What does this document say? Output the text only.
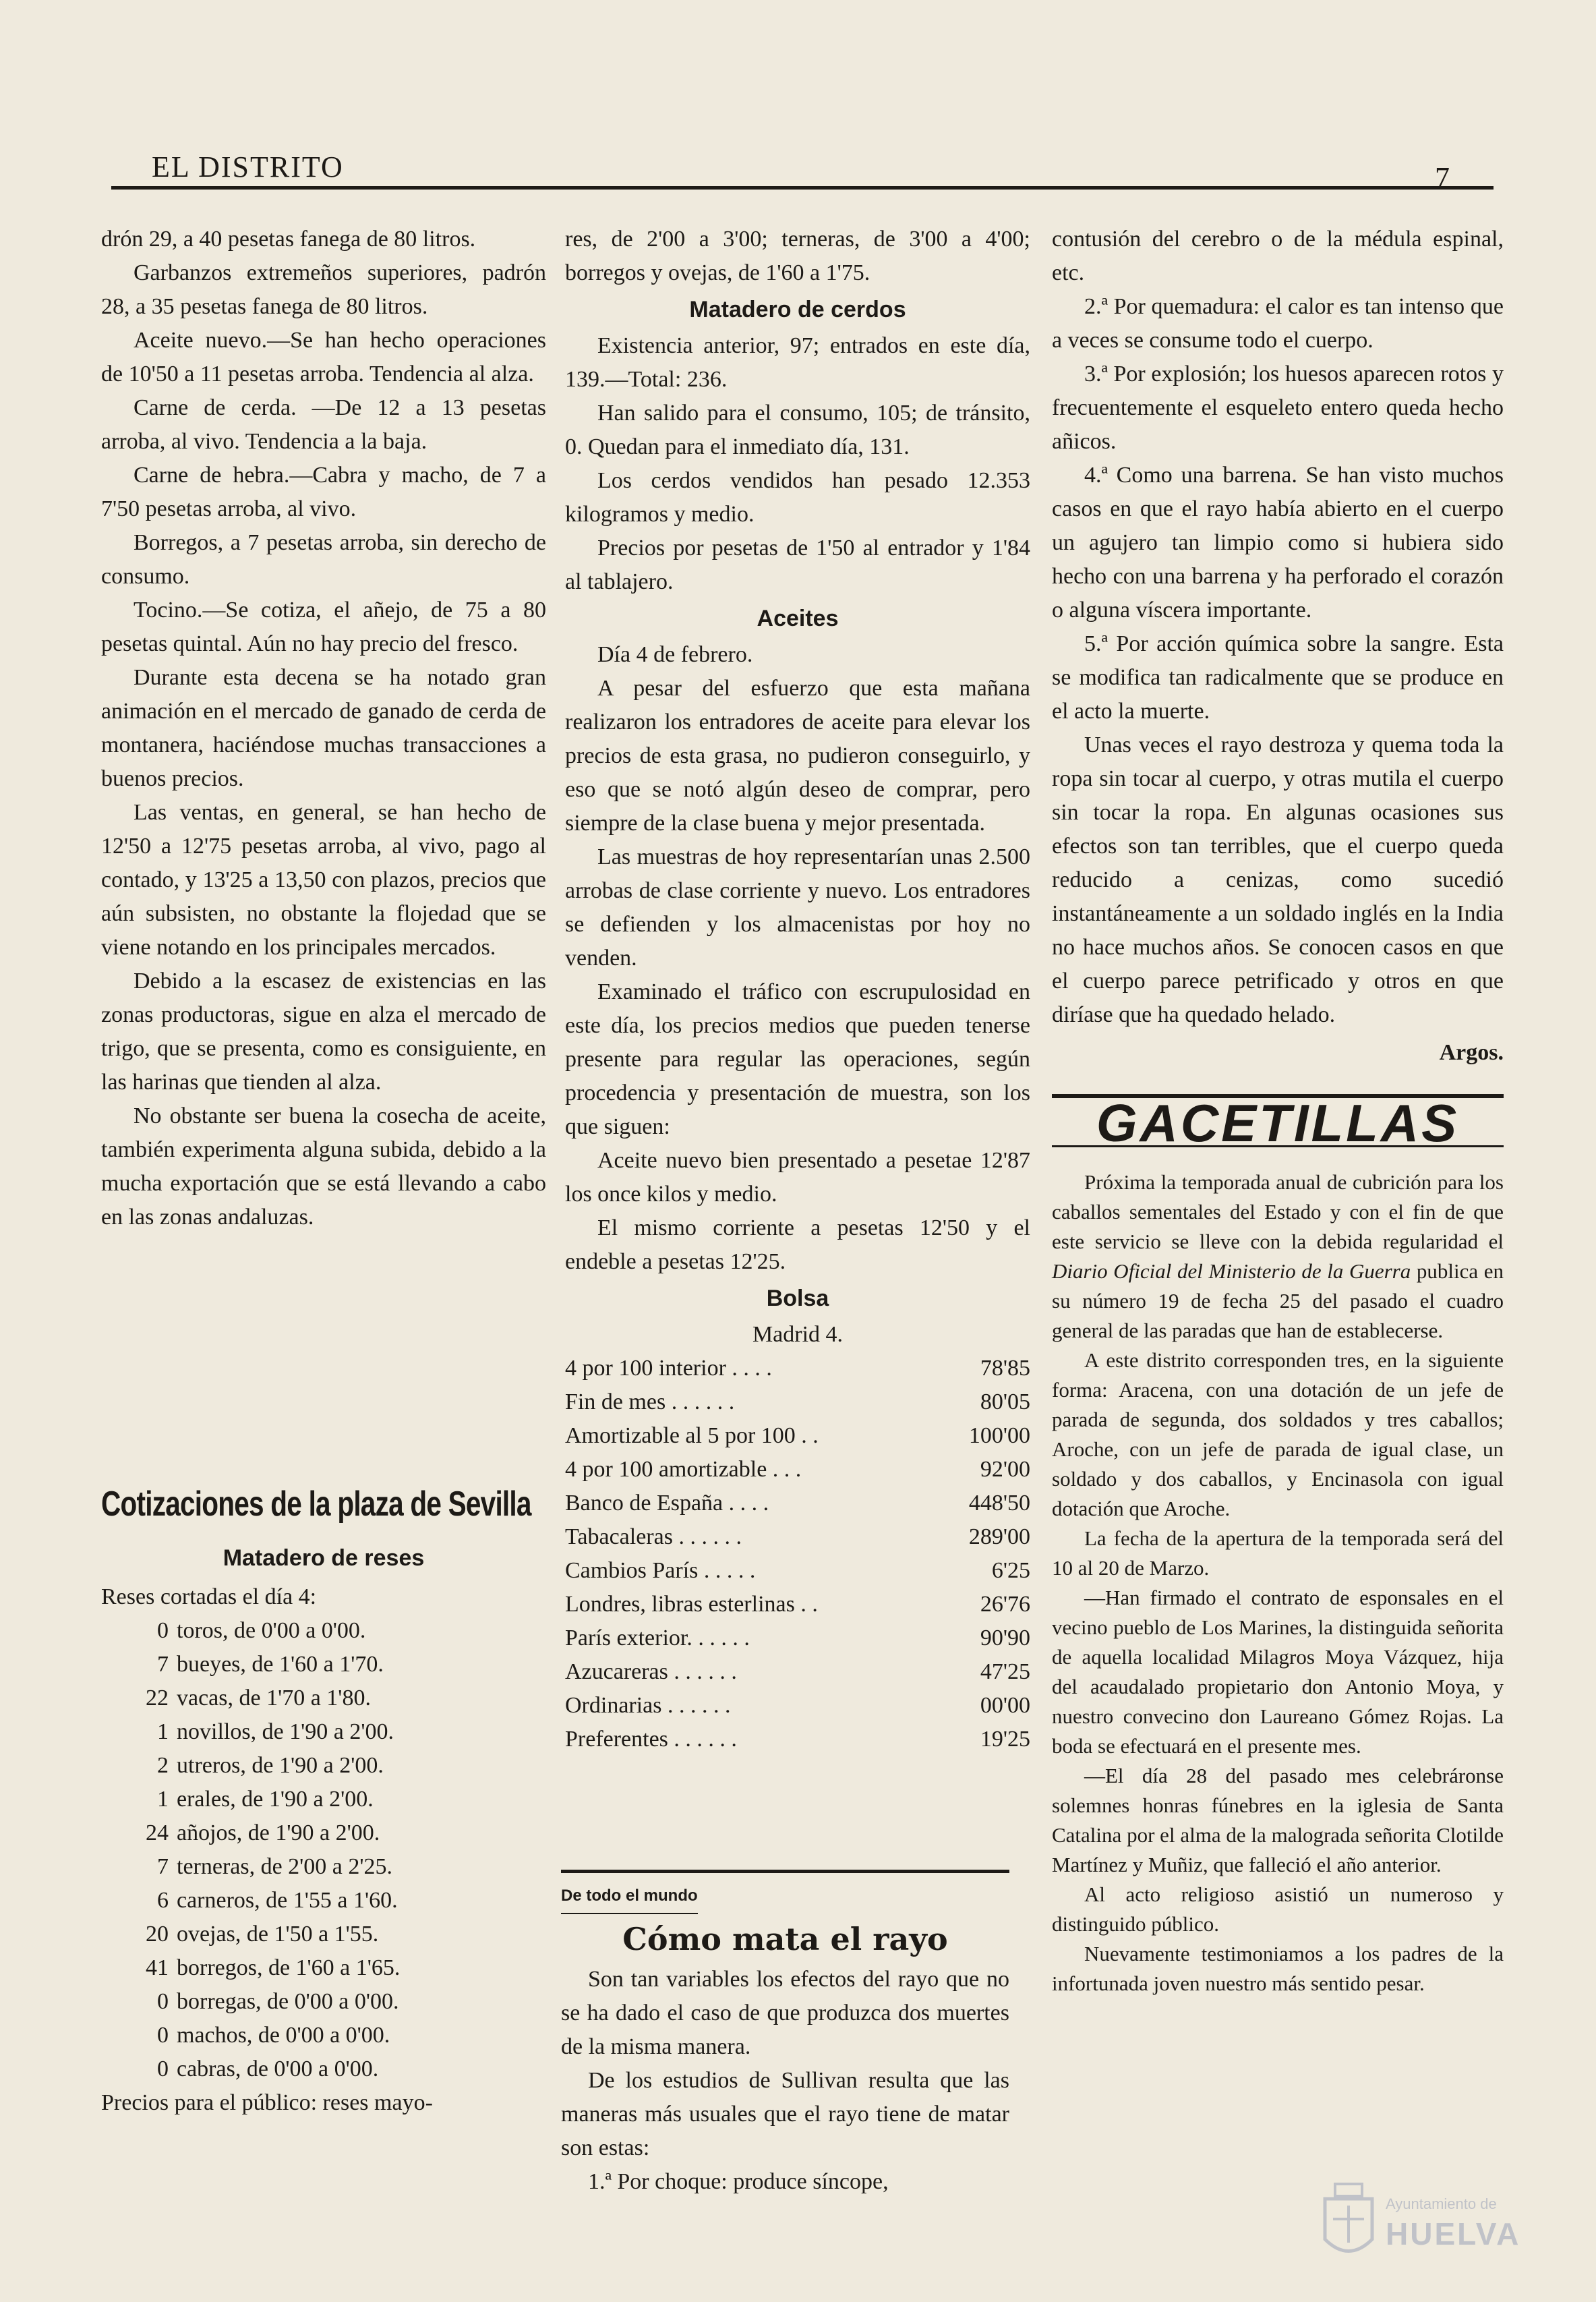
EL DISTRITO	7

drón 29, a 40 pesetas fanega de 80 litros.

Garbanzos extremeños superiores, padrón 28, a 35 pesetas fanega de 80 litros.

Aceite nuevo.—Se han hecho operaciones de 10'50 a 11 pesetas arroba. Tendencia al alza.

Carne de cerda. —De 12 a 13 pesetas arroba, al vivo. Tendencia a la baja.

Carne de hebra.—Cabra y macho, de 7 a 7'50 pesetas arroba, al vivo.

Borregos, a 7 pesetas arroba, sin derecho de consumo.

Tocino.—Se cotiza, el añejo, de 75 a 80 pesetas quintal. Aún no hay precio del fresco.

Durante esta decena se ha notado gran animación en el mercado de ganado de cerda de montanera, haciéndose muchas transacciones a buenos precios.

Las ventas, en general, se han hecho de 12'50 a 12'75 pesetas arroba, al vivo, pago al contado, y 13'25 a 13,50 con plazos, precios que aún subsisten, no obstante la flojedad que se viene notando en los principales mercados.

Debido a la escasez de existencias en las zonas productoras, sigue en alza el mercado de trigo, que se presenta, como es consiguiente, en las harinas que tienden al alza.

No obstante ser buena la cosecha de aceite, también experimenta alguna subida, debido a la mucha exportación que se está llevando a cabo en las zonas andaluzas.

Cotizaciones de la plaza de Sevilla
Matadero de reses
Reses cortadas el día 4:
0 toros, de 0'00 a 0'00.
7 bueyes, de 1'60 a 1'70.
22 vacas, de 1'70 a 1'80.
1 novillos, de 1'90 a 2'00.
2 utreros, de 1'90 a 2'00.
1 erales, de 1'90 a 2'00.
24 añojos, de 1'90 a 2'00.
7 terneras, de 2'00 a 2'25.
6 carneros, de 1'55 a 1'60.
20 ovejas, de 1'50 a 1'55.
41 borregos, de 1'60 a 1'65.
0 borregas, de 0'00 a 0'00.
0 machos, de 0'00 a 0'00.
0 cabras, de 0'00 a 0'00.
Precios para el público: reses mayo-

res, de 2'00 a 3'00; terneras, de 3'00 a 4'00; borregos y ovejas, de 1'60 a 1'75.

Matadero de cerdos

Existencia anterior, 97; entrados en este día, 139.—Total: 236.

Han salido para el consumo, 105; de tránsito, 0. Quedan para el inmediato día, 131.

Los cerdos vendidos han pesado 12.353 kilogramos y medio.

Precios por pesetas de 1'50 al entrador y 1'84 al tablajero.

Aceites

Día 4 de febrero.

A pesar del esfuerzo que esta mañana realizaron los entradores de aceite para elevar los precios de esta grasa, no pudieron conseguirlo, y eso que se notó algún deseo de comprar, pero siempre de la clase buena y mejor presentada.

Las muestras de hoy representarían unas 2.500 arrobas de clase corriente y nuevo. Los entradores se defienden y los almacenistas por hoy no venden.

Examinado el tráfico con escrupulosidad en este día, los precios medios que pueden tenerse presente para regular las operaciones, según procedencia y presentación de muestra, son los que siguen:

Aceite nuevo bien presentado a pesetae 12'87 los once kilos y medio.

El mismo corriente a pesetas 12'50 y el endeble a pesetas 12'25.

Bolsa
Madrid 4.
4 por 100 interior . . . .	78'85
Fin de mes . . . . . .	80'05
Amortizable al 5 por 100 . .	100'00
4 por 100 amortizable . . .	92'00
Banco de España . . . .	448'50
Tabacaleras . . . . . .	289'00
Cambios París . . . . .	6'25
Londres, libras esterlinas . .	26'76
París exterior. . . . . .	90'90
Azucareras . . . . . .	47'25
Ordinarias . . . . . .	00'00
Preferentes . . . . . .	19'25
De todo el mundo
Cómo mata el rayo

Son tan variables los efectos del rayo que no se ha dado el caso de que produzca dos muertes de la misma manera.

De los estudios de Sullivan resulta que las maneras más usuales que el rayo tiene de matar son estas:

1.ª Por choque: produce síncope,

contusión del cerebro o de la médula espinal, etc.

2.ª Por quemadura: el calor es tan intenso que a veces se consume todo el cuerpo.

3.ª Por explosión; los huesos aparecen rotos y frecuentemente el esqueleto entero queda hecho añicos.

4.ª Como una barrena. Se han visto muchos casos en que el rayo había abierto en el cuerpo un agujero tan limpio como si hubiera sido hecho con una barrena y ha perforado el corazón o alguna víscera importante.

5.ª Por acción química sobre la sangre. Esta se modifica tan radicalmente que se produce en el acto la muerte.

Unas veces el rayo destroza y quema toda la ropa sin tocar al cuerpo, y otras mutila el cuerpo sin tocar la ropa. En algunas ocasiones sus efectos son tan terribles, que el cuerpo queda reducido a cenizas, como sucedió instantáneamente a un soldado inglés en la India no hace muchos años. Se conocen casos en que el cuerpo parece petrificado y otros en que diríase que ha quedado helado.

Argos.
GACETILLAS

Próxima la temporada anual de cubrición para los caballos sementales del Estado y con el fin de que este servicio se lleve con la debida regularidad el Diario Oficial del Ministerio de la Guerra publica en su número 19 de fecha 25 del pasado el cuadro general de las paradas que han de establecerse.

A este distrito corresponden tres, en la siguiente forma: Aracena, con una dotación de un jefe de parada de segunda, dos soldados y tres caballos; Aroche, con un jefe de parada de igual clase, un soldado y dos caballos, y Encinasola con igual dotación que Aroche.

La fecha de la apertura de la temporada será del 10 al 20 de Marzo.

—Han firmado el contrato de esponsales en el vecino pueblo de Los Marines, la distinguida señorita de aquella localidad Milagros Moya Vázquez, hija del acaudalado propietario don Antonio Moya, y nuestro convecino don Laureano Gómez Rojas. La boda se efectuará en el presente mes.

—El día 28 del pasado mes celebráronse solemnes honras fúnebres en la iglesia de Santa Catalina por el alma de la malograda señorita Clotilde Martínez y Muñiz, que falleció el año anterior.

Al acto religioso asistió un numeroso y distinguido público.

Nuevamente testimoniamos a los padres de la infortunada joven nuestro más sentido pesar.

Ayuntamiento de
HUELVA
